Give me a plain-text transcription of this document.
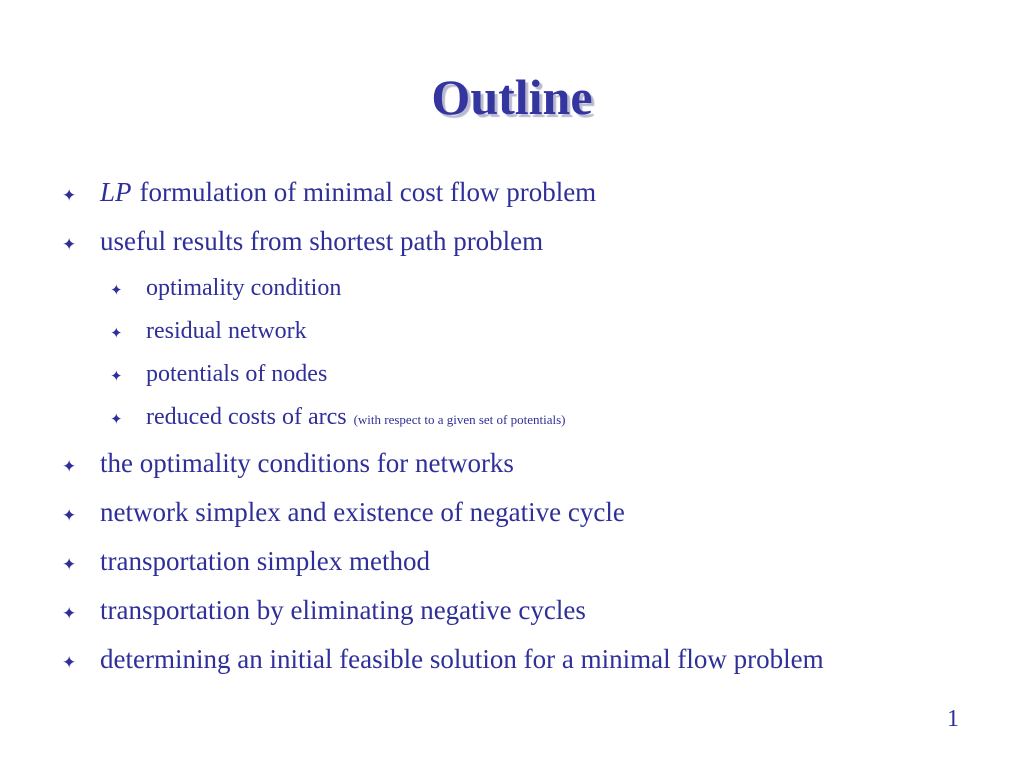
Outline
✦ LP formulation of minimal cost flow problem
✦ useful results from shortest path problem
✦ optimality condition
✦ residual network
✦ potentials of nodes
✦ reduced costs of arcs (with respect to a given set of potentials)
✦ the optimality conditions for networks
✦ network simplex and existence of negative cycle
✦ transportation simplex method
✦ transportation by eliminating negative cycles
✦ determining an initial feasible solution for a minimal flow problem
1
